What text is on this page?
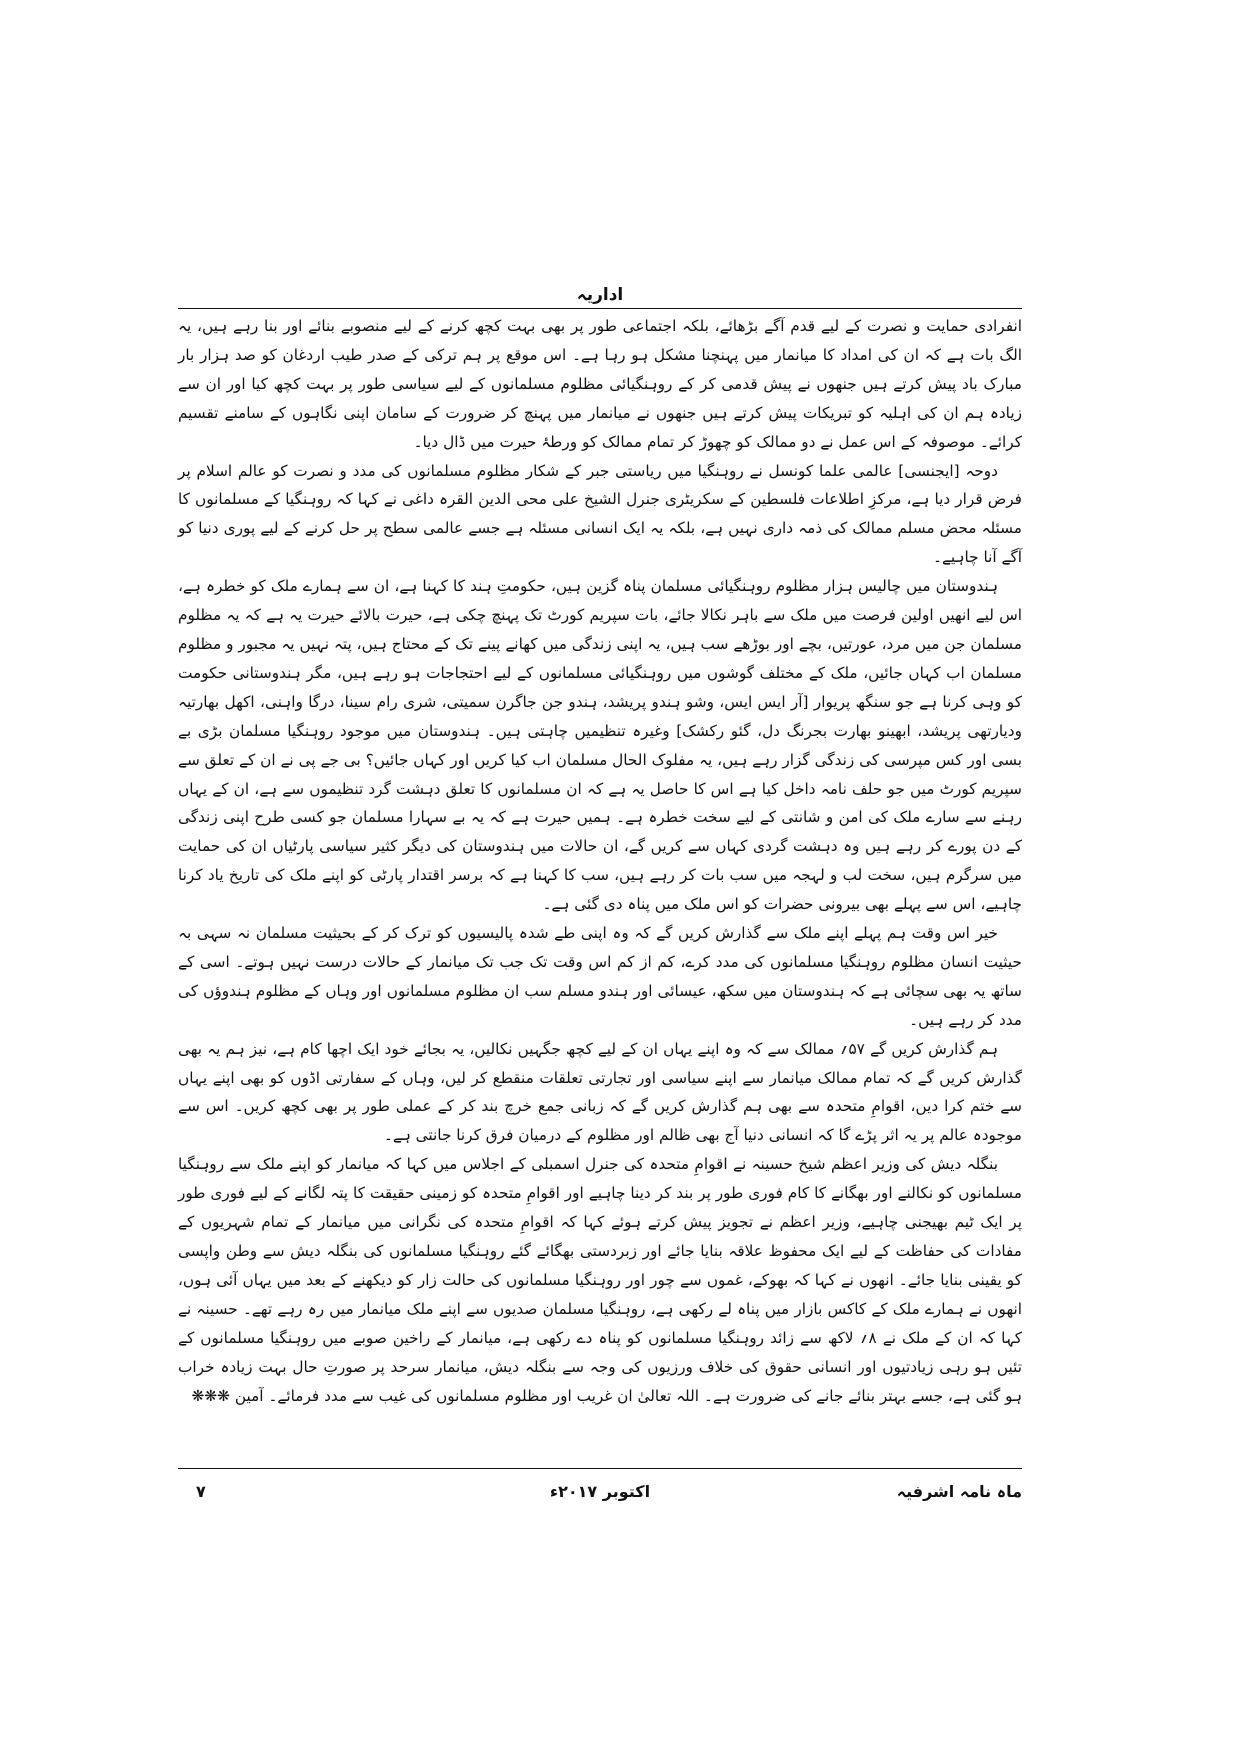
اداریہ

انفرادی حمایت و نصرت کے لیے قدم آگے بڑھائے، بلکہ اجتماعی طور پر بھی بہت کچھ کرنے کے لیے منصوبے بنائے اور بنا رہے ہیں، یہ الگ بات ہے کہ ان کی امداد کا میانمار میں پہنچنا مشکل ہو رہا ہے۔ اس موقع پر ہم ترکی کے صدر طیب اردغان کو صد ہزار بار مبارک باد پیش کرتے ہیں جنھوں نے پیش قدمی کر کے روہنگیائی مظلوم مسلمانوں کے لیے سیاسی طور پر بہت کچھ کیا اور ان سے زیادہ ہم ان کی اہلیہ کو تبریکات پیش کرتے ہیں جنھوں نے میانمار میں پہنچ کر ضرورت کے سامان اپنی نگاہوں کے سامنے تقسیم کرائے۔ موصوفہ کے اس عمل نے دو ممالک کو چھوڑ کر تمام ممالک کو ورطۂ حیرت میں ڈال دیا۔

دوحہ [ایجنسی] عالمی علما کونسل نے روہنگیا میں ریاستی جبر کے شکار مظلوم مسلمانوں کی مدد و نصرت کو عالم اسلام پر فرض قرار دیا ہے، مرکزِ اطلاعات فلسطین کے سکریٹری جنرل الشیخ علی محی الدین القرہ داغی نے کہا کہ روہنگیا کے مسلمانوں کا مسئلہ محض مسلم ممالک کی ذمہ داری نہیں ہے، بلکہ یہ ایک انسانی مسئلہ ہے جسے عالمی سطح پر حل کرنے کے لیے پوری دنیا کو آگے آنا چاہیے۔

ہندوستان میں چالیس ہزار مظلوم روہنگیائی مسلمان پناہ گزین ہیں، حکومتِ ہند کا کہنا ہے، ان سے ہمارے ملک کو خطرہ ہے، اس لیے انھیں اولین فرصت میں ملک سے باہر نکالا جائے، بات سپریم کورٹ تک پہنچ چکی ہے، حیرت بالائے حیرت یہ ہے کہ یہ مظلوم مسلمان جن میں مرد، عورتیں، بچے اور بوڑھے سب ہیں، یہ اپنی زندگی میں کھانے پینے تک کے محتاج ہیں، پتہ نہیں یہ مجبور و مظلوم مسلمان اب کہاں جائیں، ملک کے مختلف گوشوں میں روہنگیائی مسلمانوں کے لیے احتجاجات ہو رہے ہیں، مگر ہندوستانی حکومت کو وہی کرنا ہے جو سنگھ پریوار [آر ایس ایس، وشو ہندو پریشد، ہندو جن جاگرن سمیتی، شری رام سینا، درگا واہنی، اکھل بھارتیہ ودیارتھی پریشد، ابھینو بھارت بجرنگ دل، گئو رکشک] وغیرہ تنظیمیں چاہتی ہیں۔ ہندوستان میں موجود روہنگیا مسلمان بڑی بے بسی اور کس مپرسی کی زندگی گزار رہے ہیں، یہ مفلوک الحال مسلمان اب کیا کریں اور کہاں جائیں؟ بی جے پی نے ان کے تعلق سے سپریم کورٹ میں جو حلف نامہ داخل کیا ہے اس کا حاصل یہ ہے کہ ان مسلمانوں کا تعلق دہشت گرد تنظیموں سے ہے، ان کے یہاں رہنے سے سارے ملک کی امن و شانتی کے لیے سخت خطرہ ہے۔ ہمیں حیرت ہے کہ یہ بے سہارا مسلمان جو کسی طرح اپنی زندگی کے دن پورے کر رہے ہیں وہ دہشت گردی کہاں سے کریں گے، ان حالات میں ہندوستان کی دیگر کثیر سیاسی پارٹیاں ان کی حمایت میں سرگرم ہیں، سخت لب و لہجہ میں سب بات کر رہے ہیں، سب کا کہنا ہے کہ برسر اقتدار پارٹی کو اپنے ملک کی تاریخ یاد کرنا چاہیے، اس سے پہلے بھی بیرونی حضرات کو اس ملک میں پناہ دی گئی ہے۔

خیر اس وقت ہم پہلے اپنے ملک سے گذارش کریں گے کہ وہ اپنی طے شدہ پالیسیوں کو ترک کر کے بحیثیت مسلمان نہ سہی بہ حیثیت انسان مظلوم روہنگیا مسلمانوں کی مدد کرے، کم از کم اس وقت تک جب تک میانمار کے حالات درست نہیں ہوتے۔ اسی کے ساتھ یہ بھی سچائی ہے کہ ہندوستان میں سکھ، عیسائی اور ہندو مسلم سب ان مظلوم مسلمانوں اور وہاں کے مظلوم ہندوؤں کی مدد کر رہے ہیں۔

ہم گذارش کریں گے ۵۷؍ ممالک سے کہ وہ اپنے یہاں ان کے لیے کچھ جگہیں نکالیں، یہ بجائے خود ایک اچھا کام ہے، نیز ہم یہ بھی گذارش کریں گے کہ تمام ممالک میانمار سے اپنے سیاسی اور تجارتی تعلقات منقطع کر لیں، وہاں کے سفارتی اڈوں کو بھی اپنے یہاں سے ختم کرا دیں، اقوامِ متحدہ سے بھی ہم گذارش کریں گے کہ زبانی جمع خرچ بند کر کے عملی طور پر بھی کچھ کریں۔ اس سے موجودہ عالم پر یہ اثر پڑے گا کہ انسانی دنیا آج بھی ظالم اور مظلوم کے درمیان فرق کرنا جانتی ہے۔

بنگلہ دیش کی وزیر اعظم شیخ حسینہ نے اقوامِ متحدہ کی جنرل اسمبلی کے اجلاس میں کہا کہ میانمار کو اپنے ملک سے روہنگیا مسلمانوں کو نکالنے اور بھگانے کا کام فوری طور پر بند کر دینا چاہیے اور اقوامِ متحدہ کو زمینی حقیقت کا پتہ لگانے کے لیے فوری طور پر ایک ٹیم بھیجنی چاہیے، وزیر اعظم نے تجویز پیش کرتے ہوئے کہا کہ اقوامِ متحدہ کی نگرانی میں میانمار کے تمام شہریوں کے مفادات کی حفاظت کے لیے ایک محفوظ علاقہ بنایا جائے اور زبردستی بھگائے گئے روہنگیا مسلمانوں کی بنگلہ دیش سے وطن واپسی کو یقینی بنایا جائے۔ انھوں نے کہا کہ بھوکے، غموں سے چور اور روہنگیا مسلمانوں کی حالت زار کو دیکھنے کے بعد میں یہاں آئی ہوں، انھوں نے ہمارے ملک کے کاکس بازار میں پناہ لے رکھی ہے، روہنگیا مسلمان صدیوں سے اپنے ملک میانمار میں رہ رہے تھے۔ حسینہ نے کہا کہ ان کے ملک نے ۸؍ لاکھ سے زائد روہنگیا مسلمانوں کو پناہ دے رکھی ہے، میانمار کے راخین صوبے میں روہنگیا مسلمانوں کے تئیں ہو رہی زیادتیوں اور انسانی حقوق کی خلاف ورزیوں کی وجہ سے بنگلہ دیش، میانمار سرحد پر صورتِ حال بہت زیادہ خراب ہو گئی ہے، جسے بہتر بنائے جانے کی ضرورت ہے۔ اللہ تعالیٰ ان غریب اور مظلوم مسلمانوں کی غیب سے مدد فرمائے۔ آمین ❋❋❋

ماہ نامہ اشرفیہ
اکتوبر ۲۰۱۷ء
۷
